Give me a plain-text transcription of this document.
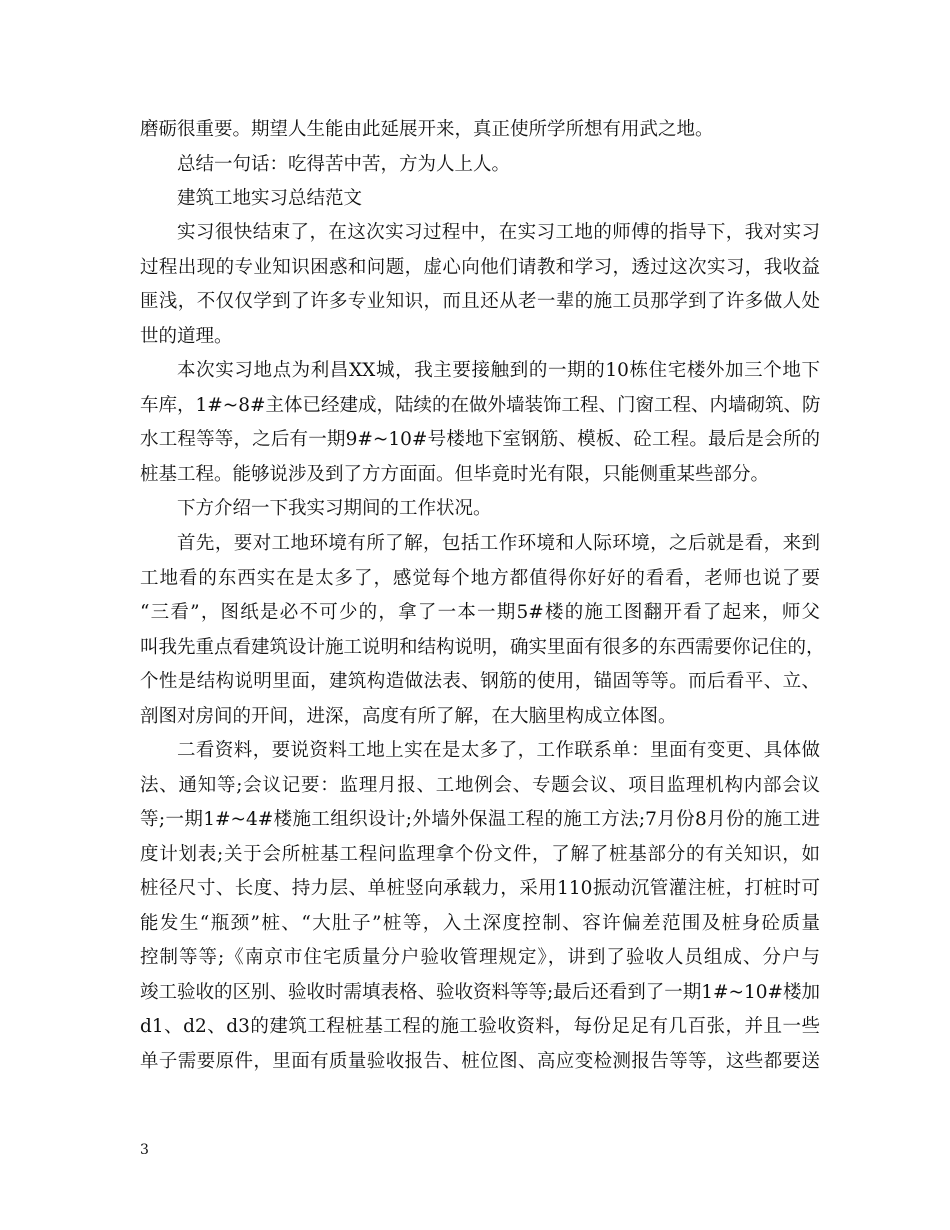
磨砺很重要。期望人生能由此延展开来，真正使所学所想有用武之地。
总结一句话：吃得苦中苦，方为人上人。
建筑工地实习总结范文
实习很快结束了，在这次实习过程中，在实习工地的师傅的指导下，我对实习
过程出现的专业知识困惑和问题，虚心向他们请教和学习，透过这次实习，我收益
匪浅，不仅仅学到了许多专业知识，而且还从老一辈的施工员那学到了许多做人处
世的道理。
本次实习地点为利昌XX城，我主要接触到的一期的10栋住宅楼外加三个地下
车库，1#~8#主体已经建成，陆续的在做外墙装饰工程、门窗工程、内墙砌筑、防
水工程等等，之后有一期9#~10#号楼地下室钢筋、模板、砼工程。最后是会所的
桩基工程。能够说涉及到了方方面面。但毕竟时光有限，只能侧重某些部分。
下方介绍一下我实习期间的工作状况。
首先，要对工地环境有所了解，包括工作环境和人际环境，之后就是看，来到
工地看的东西实在是太多了，感觉每个地方都值得你好好的看看，老师也说了要
“三看”，图纸是必不可少的，拿了一本一期5#楼的施工图翻开看了起来，师父
叫我先重点看建筑设计施工说明和结构说明，确实里面有很多的东西需要你记住的，
个性是结构说明里面，建筑构造做法表、钢筋的使用，锚固等等。而后看平、立、
剖图对房间的开间，进深，高度有所了解，在大脑里构成立体图。
二看资料，要说资料工地上实在是太多了，工作联系单：里面有变更、具体做
法、通知等;会议记要：监理月报、工地例会、专题会议、项目监理机构内部会议
等;一期1#~4#楼施工组织设计;外墙外保温工程的施工方法;7月份8月份的施工进
度计划表;关于会所桩基工程问监理拿个份文件，了解了桩基部分的有关知识，如
桩径尺寸、长度、持力层、单桩竖向承载力，采用110振动沉管灌注桩，打桩时可
能发生“瓶颈”桩、“大肚子”桩等，入土深度控制、容许偏差范围及桩身砼质量
控制等等;《南京市住宅质量分户验收管理规定》，讲到了验收人员组成、分户与
竣工验收的区别、验收时需填表格、验收资料等等;最后还看到了一期1#~10#楼加
d1、d2、d3的建筑工程桩基工程的施工验收资料，每份足足有几百张，并且一些
单子需要原件，里面有质量验收报告、桩位图、高应变检测报告等等，这些都要送
3
